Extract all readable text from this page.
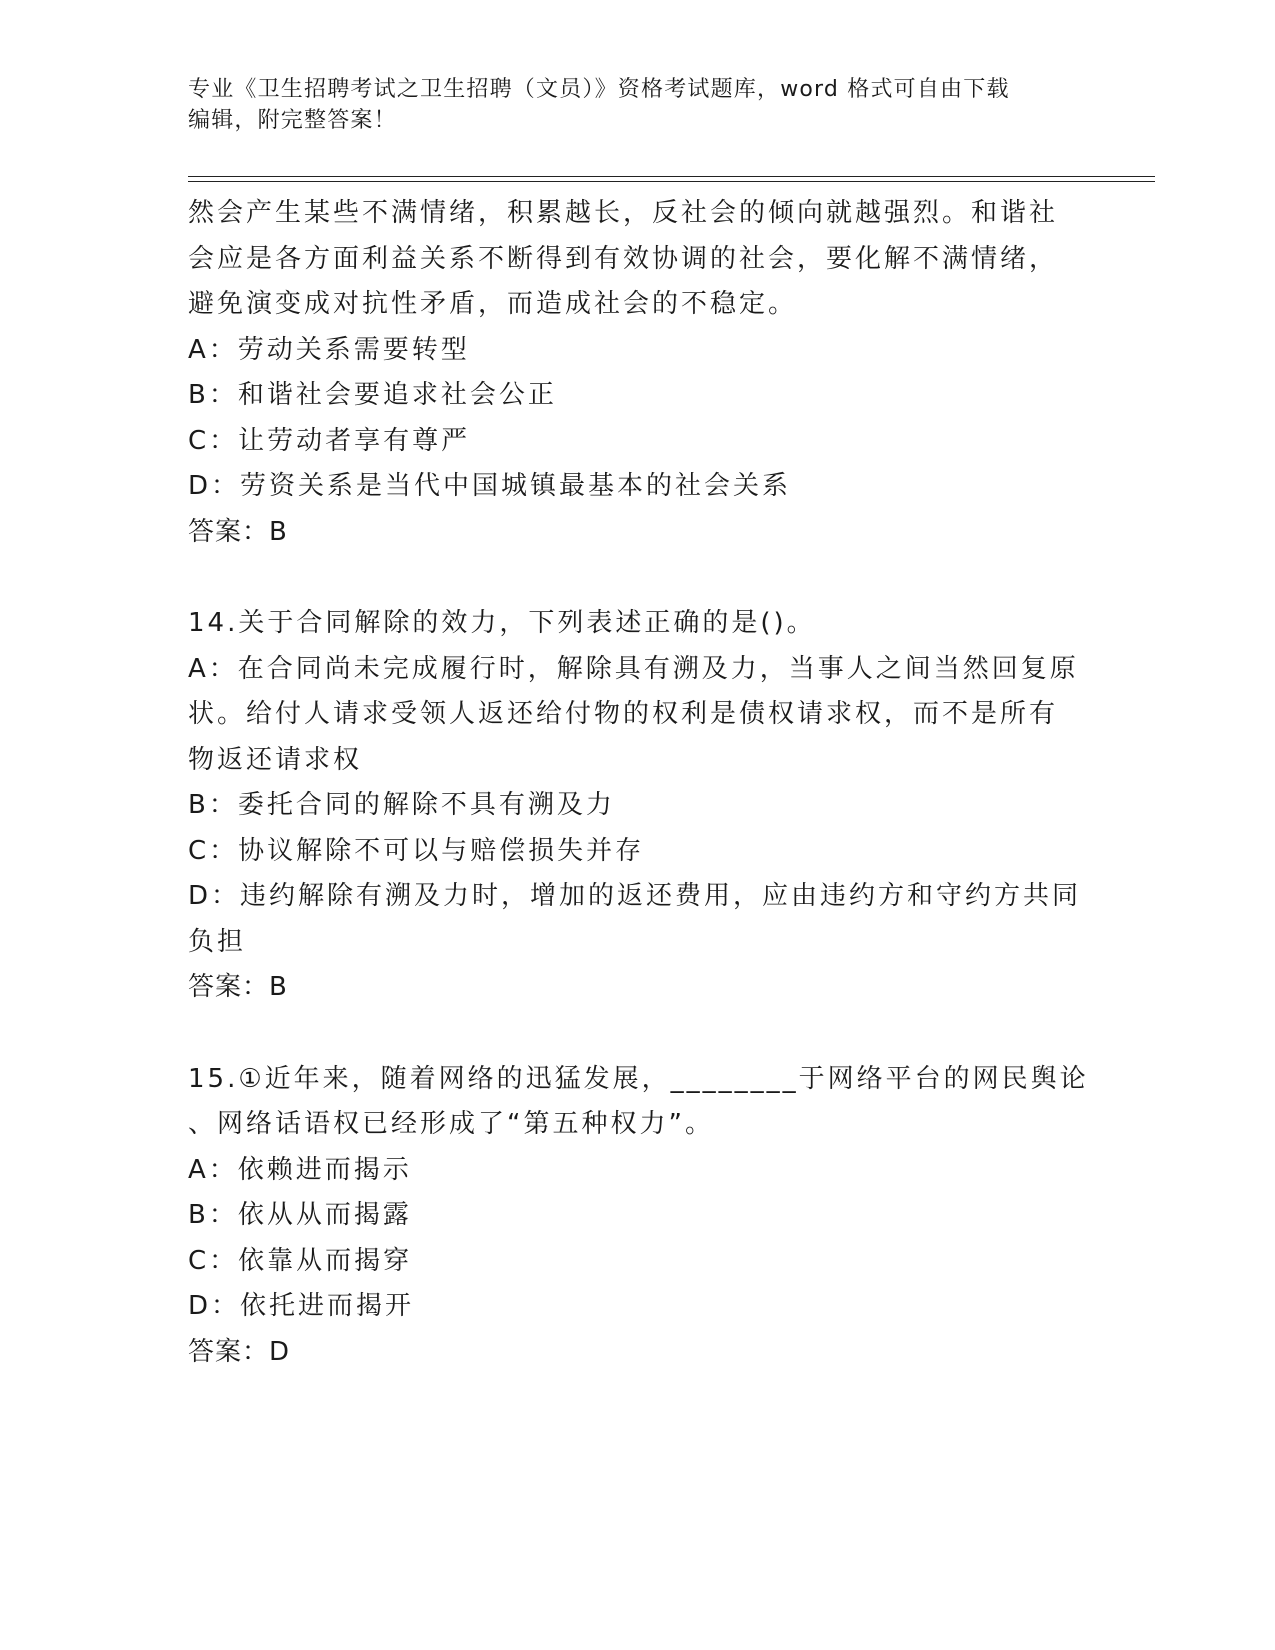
专业《卫生招聘考试之卫生招聘（文员）》资格考试题库，word 格式可自由下载
编辑，附完整答案！
然会产生某些不满情绪，积累越长，反社会的倾向就越强烈。和谐社
会应是各方面利益关系不断得到有效协调的社会，要化解不满情绪，
避免演变成对抗性矛盾，而造成社会的不稳定。
A：劳动关系需要转型
B：和谐社会要追求社会公正
C：让劳动者享有尊严
D：劳资关系是当代中国城镇最基本的社会关系
答案：B
14.关于合同解除的效力，下列表述正确的是()。
A：在合同尚未完成履行时，解除具有溯及力，当事人之间当然回复原
状。给付人请求受领人返还给付物的权利是债权请求权，而不是所有
物返还请求权
B：委托合同的解除不具有溯及力
C：协议解除不可以与赔偿损失并存
D：违约解除有溯及力时，增加的返还费用，应由违约方和守约方共同
负担
答案：B
15.①近年来，随着网络的迅猛发展，________于网络平台的网民舆论
、网络话语权已经形成了“第五种权力”。
A：依赖进而揭示
B：依从从而揭露
C：依靠从而揭穿
D：依托进而揭开
答案：D
